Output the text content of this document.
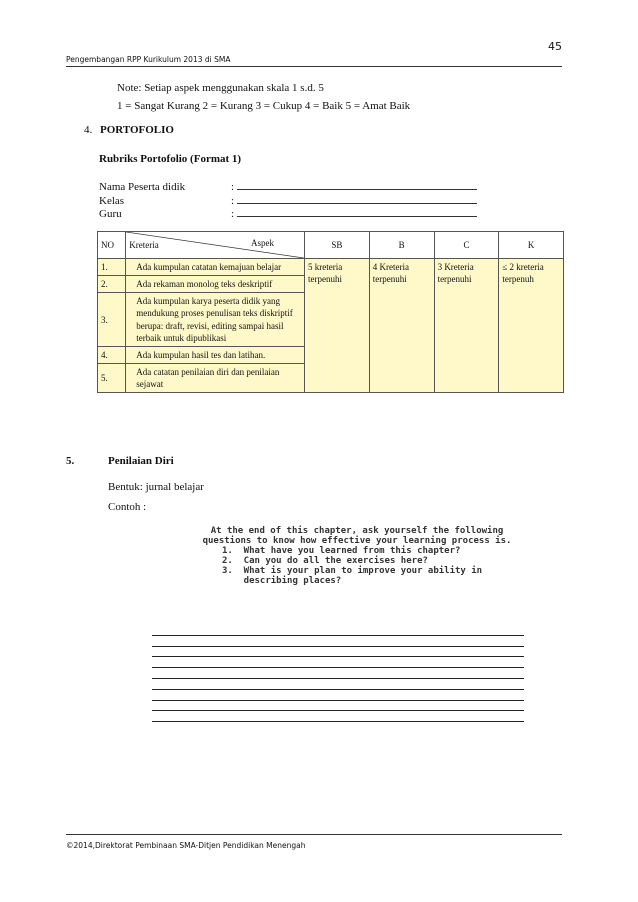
45
Pengembangan RPP Kurikulum 2013 di SMA
Note: Setiap aspek menggunakan skala 1 s.d. 5
1 = Sangat Kurang 2 = Kurang 3 = Cukup 4 = Baik 5 = Amat Baik
4. PORTOFOLIO
Rubriks Portofolio (Format 1)
Nama Peserta didik	:
Kelas	:
Guru	:
NO	Kreteria Aspek	SB	B	C	K
1.	Ada kumpulan catatan kemajuan belajar	5 kreteria terpenuhi	4 Kreteria terpenuhi	3 Kreteria terpenuhi	≤ 2 kreteria terpenuh
2.	Ada rekaman monolog teks deskriptif				
3.	Ada kumpulan karya peserta didik yang mendukung proses penulisan teks diskriptif berupa: draft, revisi, editing sampai hasil terbaik untuk dipublikasi				
4.	Ada kumpulan hasil tes dan latihan.				
5.	Ada catatan penilaian diri dan penilaian sejawat				
5.	Penilaian Diri
Bentuk: jurnal belajar
Contoh :
At the end of this chapter, ask yourself the following
questions to know how effective your learning process is.
1.  What have you learned from this chapter?
2.  Can you do all the exercises here?
3.  What is your plan to improve your ability in
describing places?
©2014,Direktorat Pembinaan SMA-Ditjen Pendidikan Menengah
